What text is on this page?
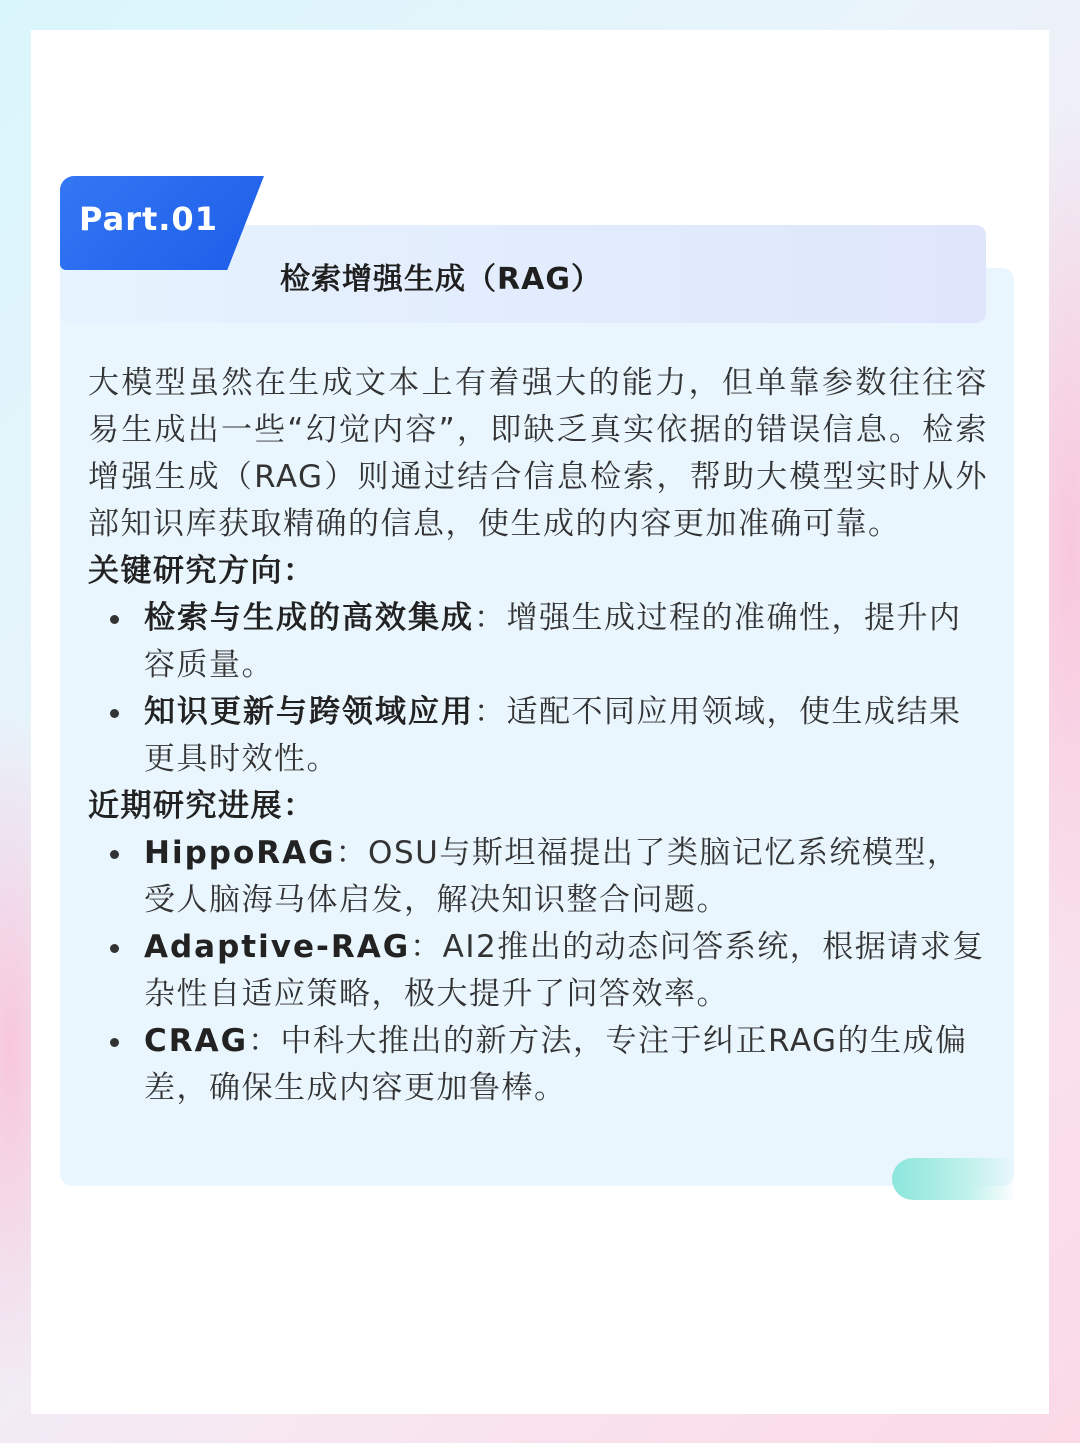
Part.01
检索增强生成（RAG）

大模型虽然在生成文本上有着强大的能力，但单靠参数往往容易生成出一些“幻觉内容”，即缺乏真实依据的错误信息。检索增强生成（RAG）则通过结合信息检索，帮助大模型实时从外部知识库获取精确的信息，使生成的内容更加准确可靠。

关键研究方向：

检索与生成的高效集成：增强生成过程的准确性，提升内容质量。
知识更新与跨领域应用：适配不同应用领域，使生成结果更具时效性。

近期研究进展：

HippoRAG：OSU与斯坦福提出了类脑记忆系统模型，受人脑海马体启发，解决知识整合问题。
Adaptive-RAG：AI2推出的动态问答系统，根据请求复杂性自适应策略，极大提升了问答效率。
CRAG：中科大推出的新方法，专注于纠正RAG的生成偏差，确保生成内容更加鲁棒。
